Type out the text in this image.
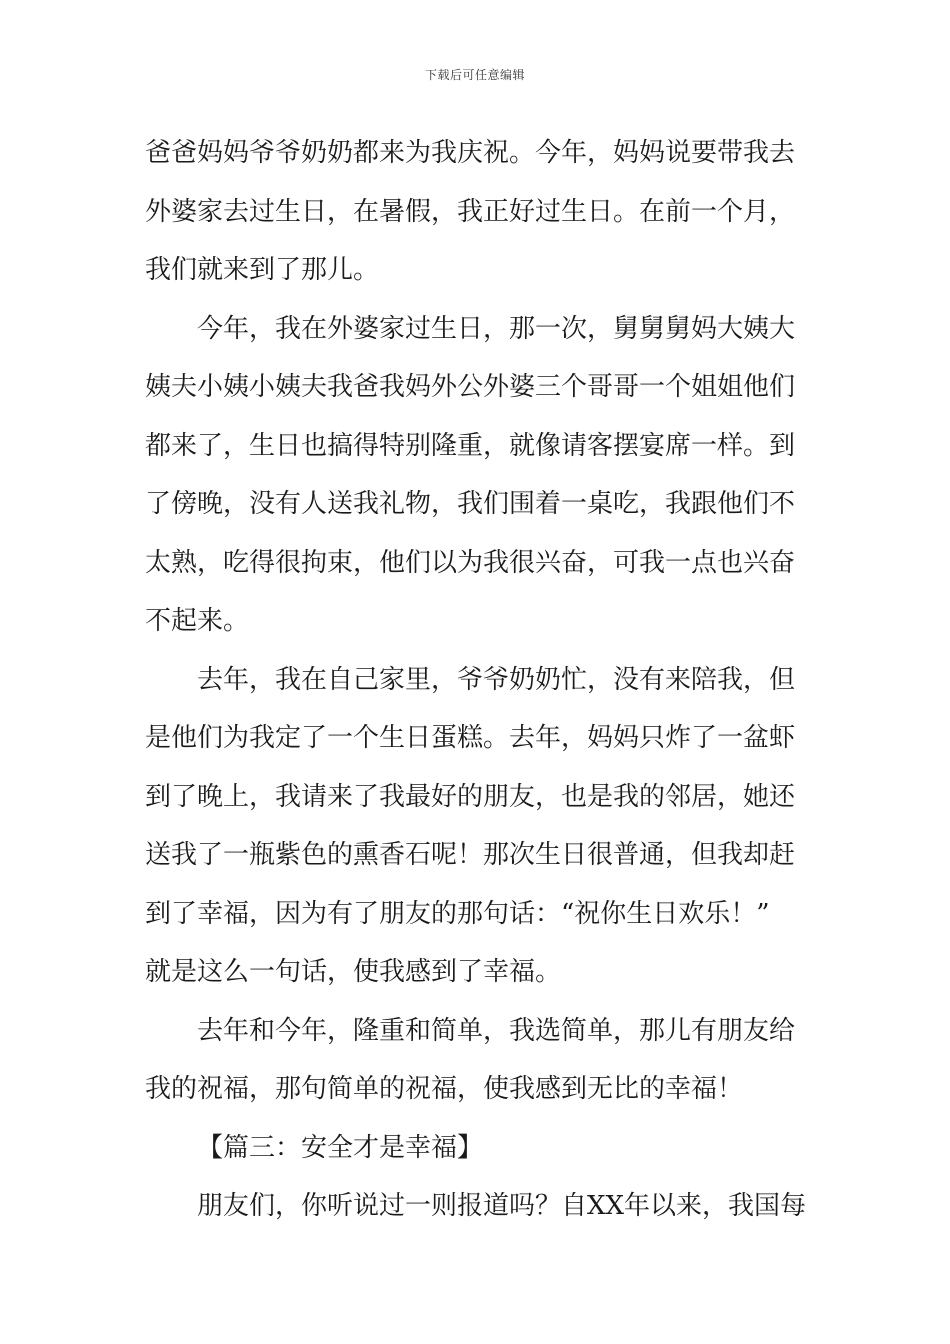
下载后可任意编辑
爸爸妈妈爷爷奶奶都来为我庆祝。今年，妈妈说要带我去
外婆家去过生日，在暑假，我正好过生日。在前一个月，
我们就来到了那儿。
今年，我在外婆家过生日，那一次，舅舅舅妈大姨大
姨夫小姨小姨夫我爸我妈外公外婆三个哥哥一个姐姐他们
都来了，生日也搞得特别隆重，就像请客摆宴席一样。到
了傍晚，没有人送我礼物，我们围着一桌吃，我跟他们不
太熟，吃得很拘束，他们以为我很兴奋，可我一点也兴奋
不起来。
去年，我在自己家里，爷爷奶奶忙，没有来陪我，但
是他们为我定了一个生日蛋糕。去年，妈妈只炸了一盆虾
到了晚上，我请来了我最好的朋友，也是我的邻居，她还
送我了一瓶紫色的熏香石呢！那次生日很普通，但我却赶
到了幸福，因为有了朋友的那句话：“祝你生日欢乐！”
就是这么一句话，使我感到了幸福。
去年和今年，隆重和简单，我选简单，那儿有朋友给
我的祝福，那句简单的祝福，使我感到无比的幸福！
【篇三：安全才是幸福】
朋友们，你听说过一则报道吗？自XX年以来，我国每
